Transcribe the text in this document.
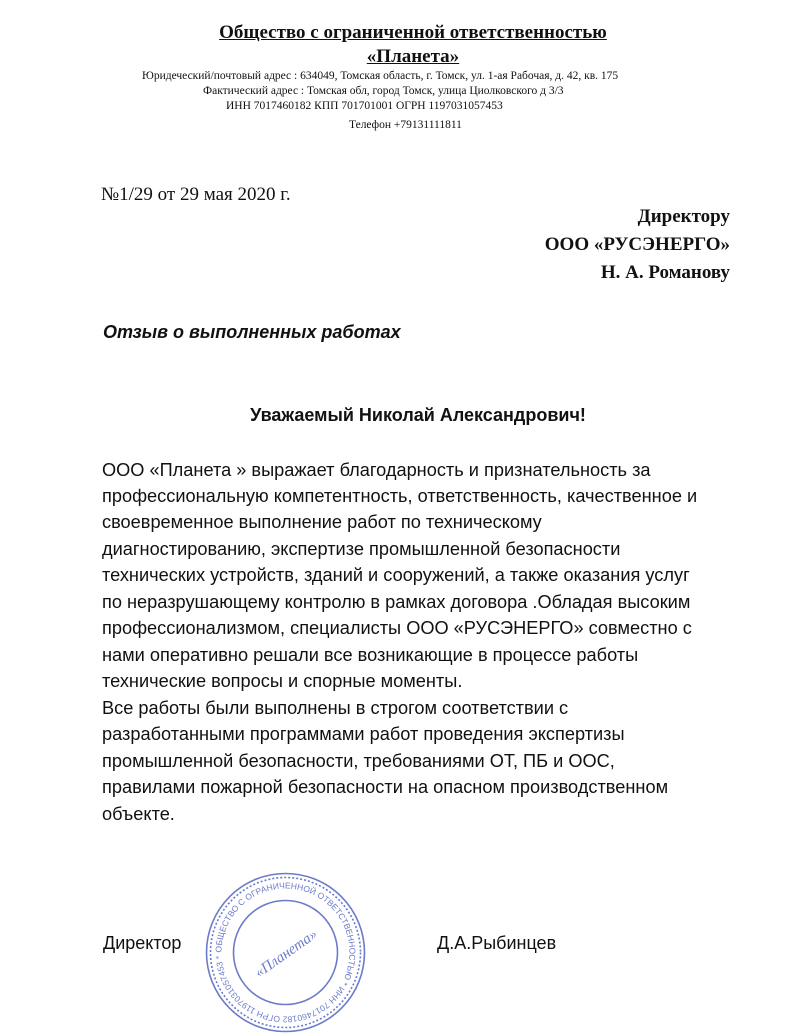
Общество с ограниченной ответственностью
«Планета»
Юридеческий/почтовый адрес : 634049, Томская область, г. Томск, ул. 1-ая Рабочая, д. 42, кв. 175
Фактический адрес : Томская обл, город Томск, улица Циолковского д 3/3
ИНН 7017460182 КПП 701701001 ОГРН 1197031057453
Телефон +79131111811
№1/29 от 29 мая 2020 г.
Директору
ООО «РУСЭНЕРГО»
Н. А. Романову
Отзыв о выполненных работах
Уважаемый Николай Александрович!
ООО «Планета » выражает благодарность и признательность за
профессиональную компетентность, ответственность, качественное и
своевременное выполнение работ по техническому
диагностированию, экспертизе промышленной безопасности
технических устройств, зданий и сооружений, а также оказания услуг
по неразрушающему контролю в рамках договора .Обладая высоким
профессионализмом, специалисты ООО «РУСЭНЕРГО» совместно с
нами оперативно решали все возникающие в процессе работы
технические вопросы и спорные моменты.
Все работы были выполнены в строгом соответствии с
разработанными программами работ проведения экспертизы
промышленной безопасности, требованиями ОТ, ПБ и ООС,
правилами пожарной безопасности на опасном производственном
объекте.
ОБЩЕСТВО С ОГРАНИЧЕННОЙ ОТВЕТСТВЕННОСТЬЮ * ИНН 7017460182 ОГРН 1197031057453 *	«Планета»
Директор	Д.А.Рыбинцев
